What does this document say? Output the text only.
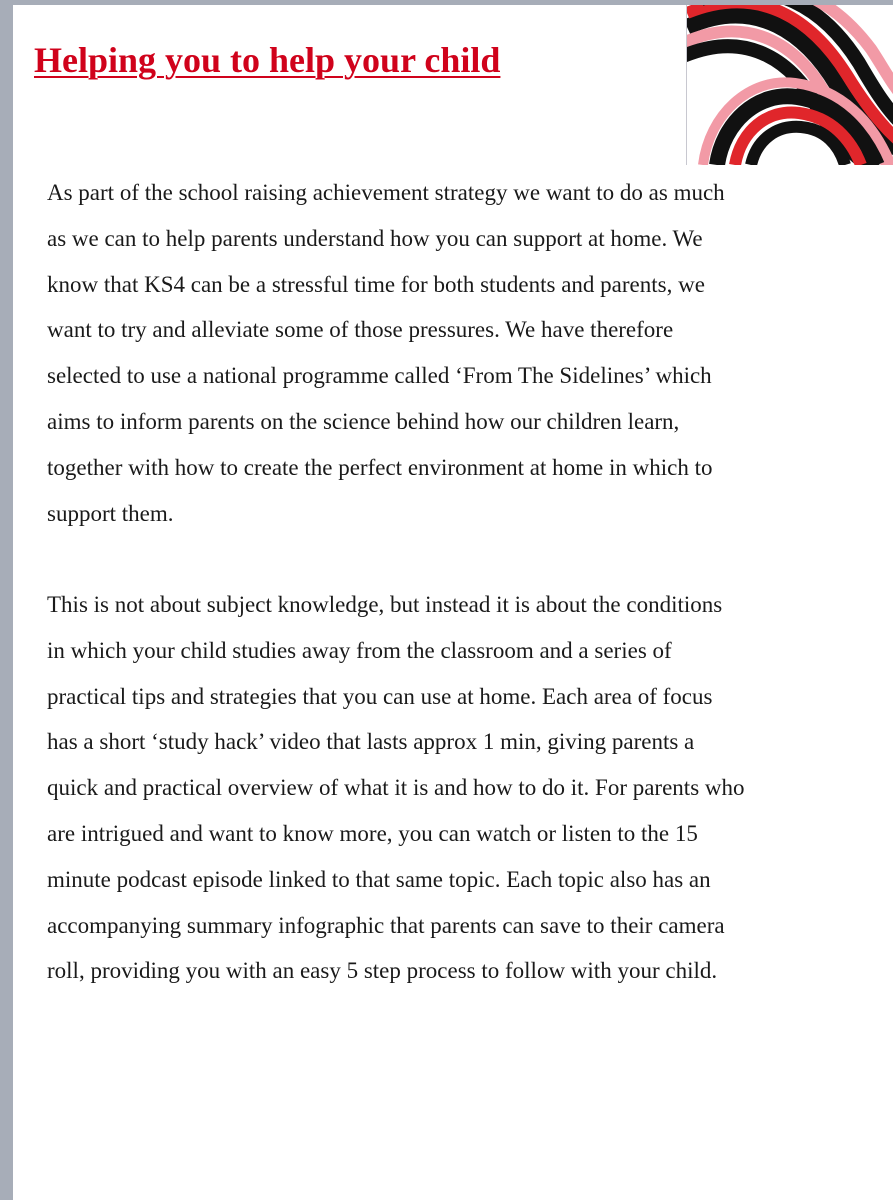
Helping you to help your child
As part of the school raising achievement strategy we want to do as much
as we can to help parents understand how you can support at home. We
know that KS4 can be a stressful time for both students and parents, we
want to try and alleviate some of those pressures. We have therefore
selected to use a national programme called ‘From The Sidelines’ which
aims to inform parents on the science behind how our children learn,
together with how to create the perfect environment at home in which to
support them.
This is not about subject knowledge, but instead it is about the conditions
in which your child studies away from the classroom and a series of
practical tips and strategies that you can use at home. Each area of focus
has a short ‘study hack’ video that lasts approx 1 min, giving parents a
quick and practical overview of what it is and how to do it. For parents who
are intrigued and want to know more, you can watch or listen to the 15
minute podcast episode linked to that same topic. Each topic also has an
accompanying summary infographic that parents can save to their camera
roll, providing you with an easy 5 step process to follow with your child.
